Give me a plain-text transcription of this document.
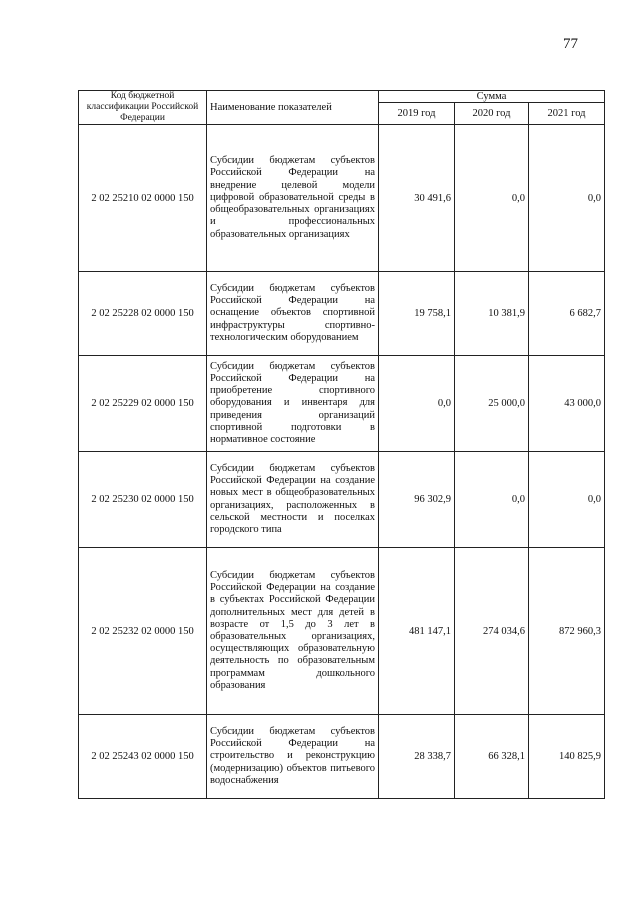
77
Код бюджетной классификации Российской Федерации	Наименование показателей	Сумма		
		2019 год	2020 год	2021 год
2 02 25210 02 0000 150	Субсидии бюджетам субъектов Российской Федерации на внедрение целевой модели цифровой образовательной среды в общеобразовательных организациях и профессиональных образовательных организациях	30 491,6	0,0	0,0
2 02 25228 02 0000 150	Субсидии бюджетам субъектов Российской Федерации на оснащение объектов спортивной инфраструктуры спортивно-технологическим оборудованием	19 758,1	10 381,9	6 682,7
2 02 25229 02 0000 150	Субсидии бюджетам субъектов Российской Федерации на приобретение спортивного оборудования и инвентаря для приведения организаций спортивной подготовки в нормативное состояние	0,0	25 000,0	43 000,0
2 02 25230 02 0000 150	Субсидии бюджетам субъектов Российской Федерации на создание новых мест в общеобразовательных организациях, расположенных в сельской местности и поселках городского типа	96 302,9	0,0	0,0
2 02 25232 02 0000 150	Субсидии бюджетам субъектов Российской Федерации на создание в субъектах Российской Федерации дополнительных мест для детей в возрасте от 1,5 до 3 лет в образовательных организациях, осуществляющих образовательную деятельность по образовательным программам дошкольного образования	481 147,1	274 034,6	872 960,3
2 02 25243 02 0000 150	Субсидии бюджетам субъектов Российской Федерации на строительство и реконструкцию (модернизацию) объектов питьевого водоснабжения	28 338,7	66 328,1	140 825,9
